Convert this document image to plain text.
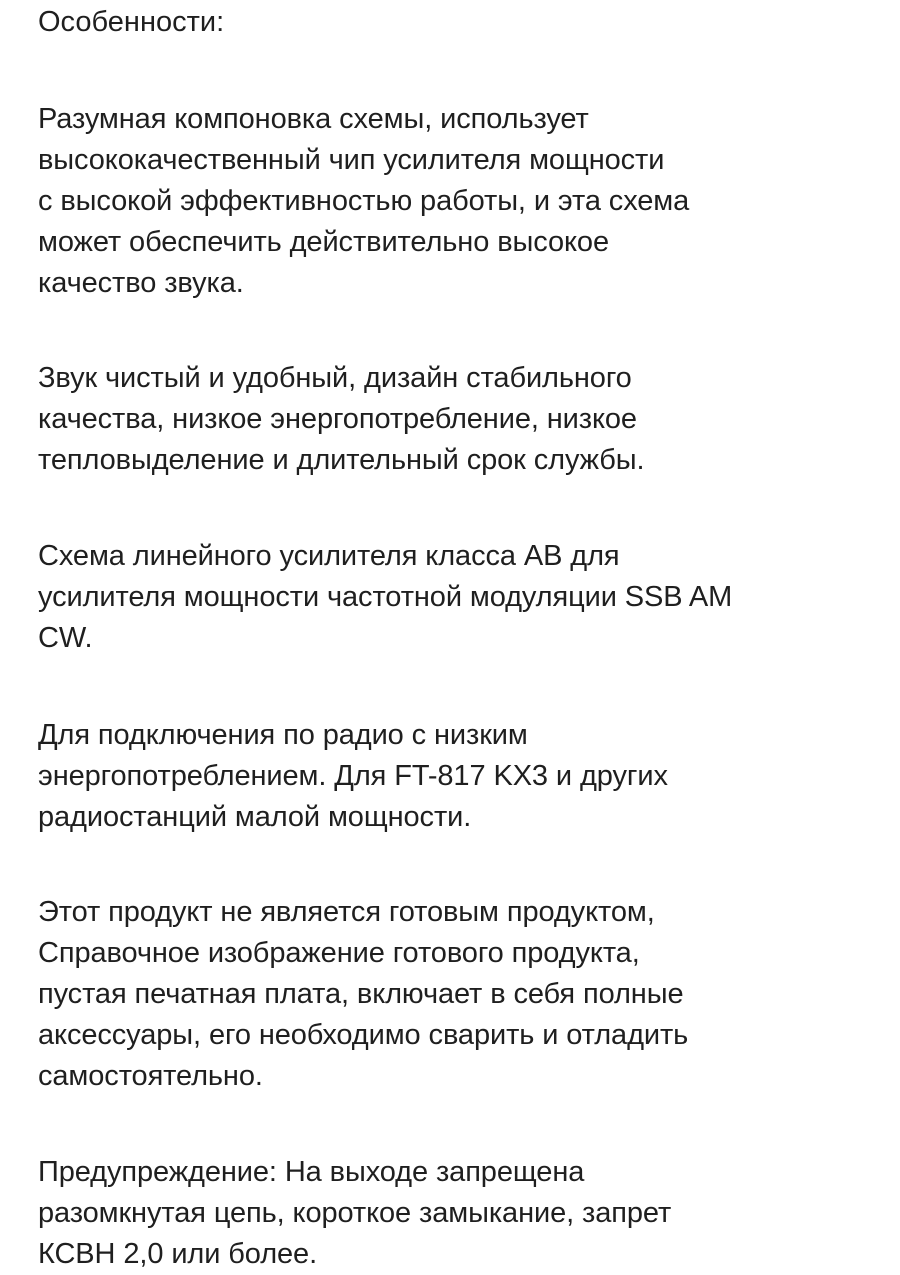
Особенности:

Разумная компоновка схемы, использует
высококачественный чип усилителя мощности
с высокой эффективностью работы, и эта схема
может обеспечить действительно высокое
качество звука.

Звук чистый и удобный, дизайн стабильного
качества, низкое энергопотребление, низкое
тепловыделение и длительный срок службы.

Схема линейного усилителя класса АВ для
усилителя мощности частотной модуляции SSB AM
CW.

Для подключения по радио с низким
энергопотреблением. Для FT-817 KX3 и других
радиостанций малой мощности.

Этот продукт не является готовым продуктом,
Справочное изображение готового продукта,
пустая печатная плата, включает в себя полные
аксессуары, его необходимо сварить и отладить
самостоятельно.

Предупреждение: На выходе запрещена
разомкнутая цепь, короткое замыкание, запрет
КСВН 2,0 или более.
